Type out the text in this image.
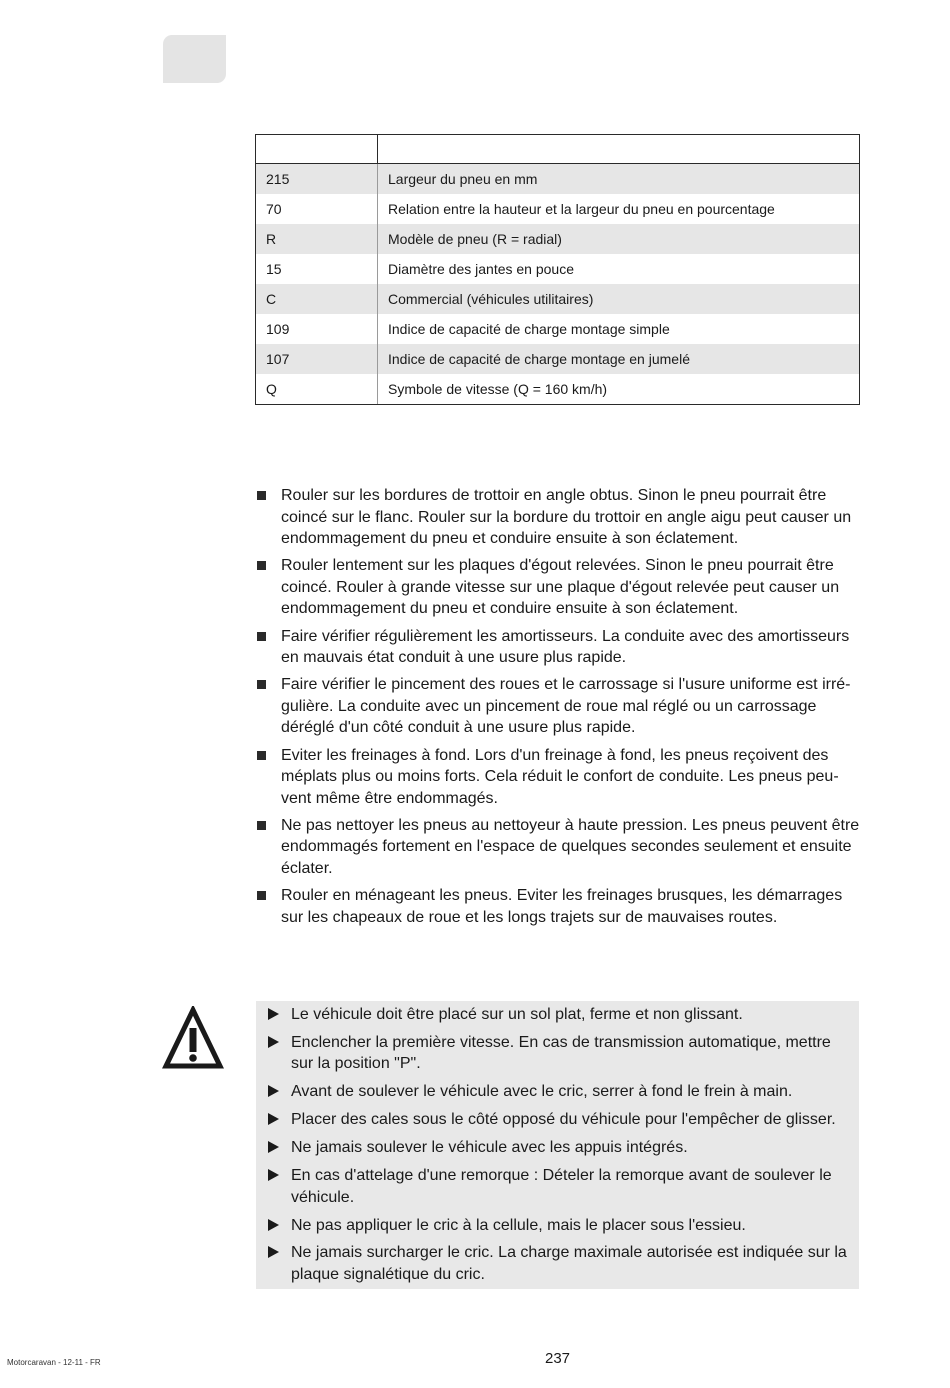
215	Largeur du pneu en mm
70	Relation entre la hauteur et la largeur du pneu en pourcentage
R	Modèle de pneu (R = radial)
15	Diamètre des jantes en pouce
C	Commercial (véhicules utilitaires)
109	Indice de capacité de charge montage simple
107	Indice de capacité de charge montage en jumelé
Q	Symbole de vitesse (Q = 160 km/h)
Rouler sur les bordures de trottoir en angle obtus. Sinon le pneu pourrait être coincé sur le flanc. Rouler sur la bordure du trottoir en angle aigu peut causer un endommagement du pneu et conduire ensuite à son éclatement.
Rouler lentement sur les plaques d'égout relevées. Sinon le pneu pourrait être coincé. Rouler à grande vitesse sur une plaque d'égout relevée peut causer un endommagement du pneu et conduire ensuite à son éclatement.
Faire vérifier régulièrement les amortisseurs. La conduite avec des amortisseurs en mauvais état conduit à une usure plus rapide.
Faire vérifier le pincement des roues et le carrossage si l'usure uniforme est irré-gulière. La conduite avec un pincement de roue mal réglé ou un carrossage déréglé d'un côté conduit à une usure plus rapide.
Eviter les freinages à fond. Lors d'un freinage à fond, les pneus reçoivent des méplats plus ou moins forts. Cela réduit le confort de conduite. Les pneus peu-vent même être endommagés.
Ne pas nettoyer les pneus au nettoyeur à haute pression. Les pneus peuvent être endommagés fortement en l'espace de quelques secondes seulement et ensuite éclater.
Rouler en ménageant les pneus. Eviter les freinages brusques, les démarrages sur les chapeaux de roue et les longs trajets sur de mauvaises routes.
Le véhicule doit être placé sur un sol plat, ferme et non glissant.
Enclencher la première vitesse. En cas de transmission automatique, mettre sur la position "P".
Avant de soulever le véhicule avec le cric, serrer à fond le frein à main.
Placer des cales sous le côté opposé du véhicule pour l'empêcher de glisser.
Ne jamais soulever le véhicule avec les appuis intégrés.
En cas d'attelage d'une remorque : Dételer la remorque avant de soulever le véhicule.
Ne pas appliquer le cric à la cellule, mais le placer sous l'essieu.
Ne jamais surcharger le cric. La charge maximale autorisée est indiquée sur la plaque signalétique du cric.
Motorcaravan - 12-11 - FR	237
